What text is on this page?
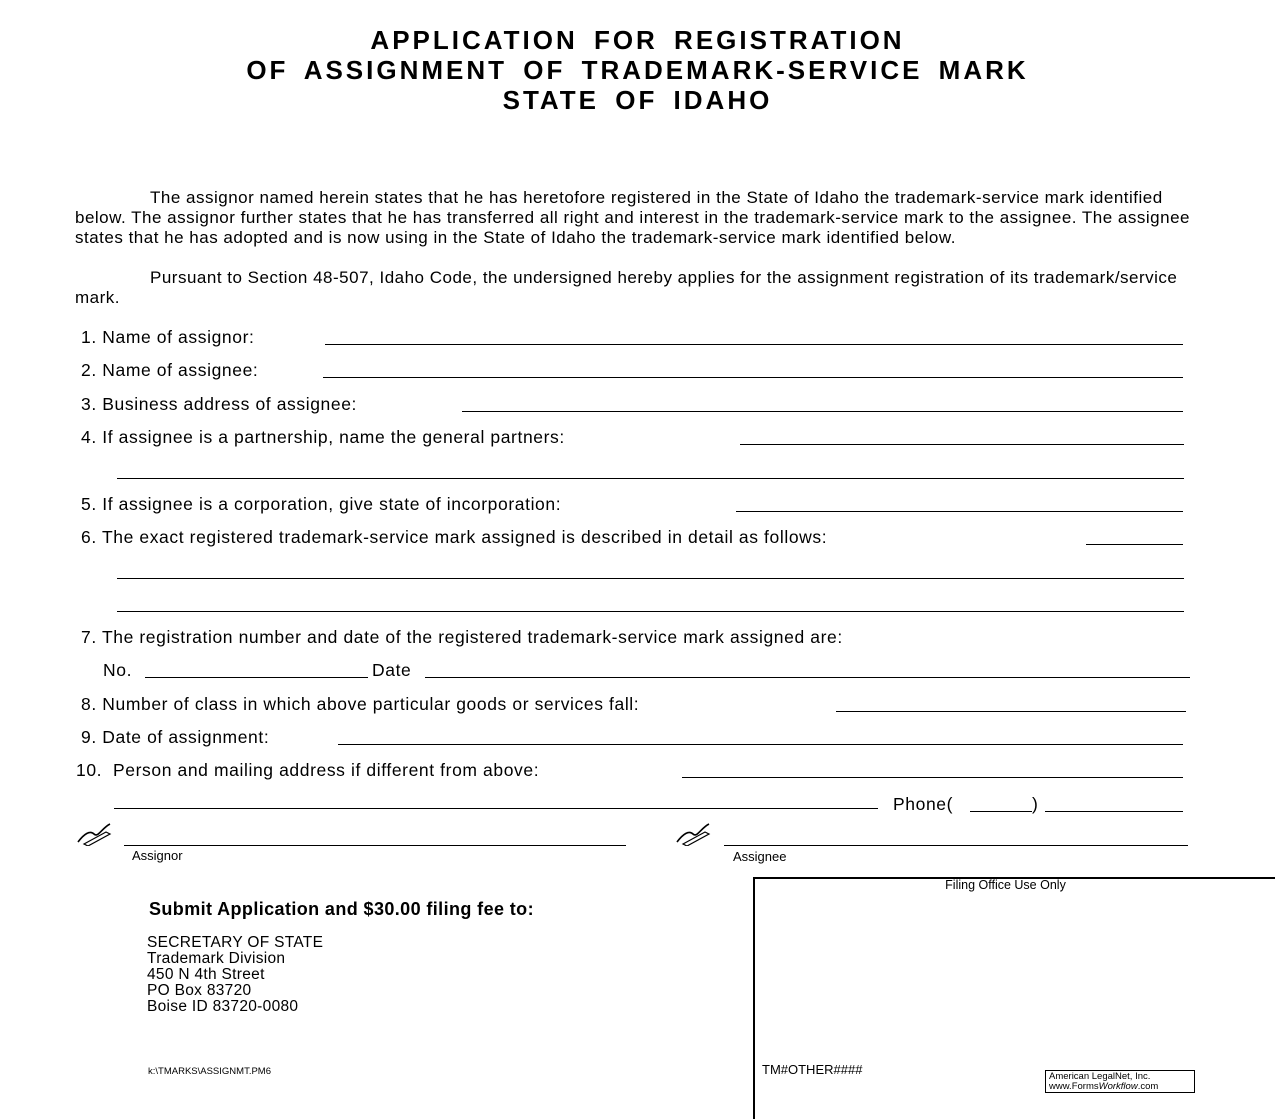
APPLICATION FOR REGISTRATION
OF ASSIGNMENT OF TRADEMARK-SERVICE MARK
STATE OF IDAHO
The assignor named herein states that he has heretofore registered in the State of Idaho the trademark-service mark identified below. The assignor further states that he has transferred all right and interest in the trademark-service mark to the assignee. The assignee states that he has adopted and is now using in the State of Idaho the trademark-service mark identified below.
Pursuant to Section 48-507, Idaho Code, the undersigned hereby applies for the assignment registration of its trademark/service mark.
1. Name of assignor:
2. Name of assignee:
3. Business address of assignee:
4. If assignee is a partnership, name the general partners:
5. If assignee is a corporation, give state of incorporation:
6. The exact registered trademark-service mark assigned is described in detail as follows:
7. The registration number and date of the registered trademark-service mark assigned are:
No.	Date
8. Number of class in which above particular goods or services fall:
9. Date of assignment:
10. Person and mailing address if different from above:
Phone(	)
Assignor	Assignee
Submit Application and $30.00 filing fee to:
SECRETARY OF STATE
Trademark Division
450 N 4th Street
PO Box 83720
Boise ID 83720-0080
k:\TMARKS\ASSIGNMT.PM6
Filing Office Use Only
TM#OTHER####	American LegalNet, Inc.
www.FormsWorkflow.com
